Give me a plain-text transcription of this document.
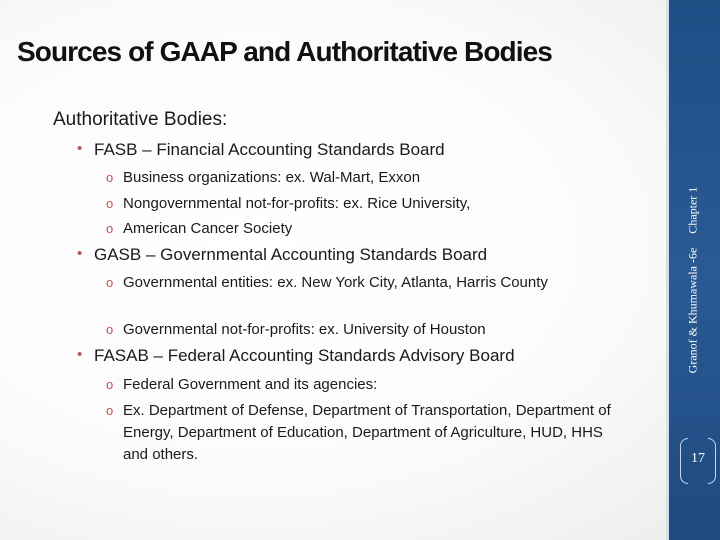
Sources of GAAP and Authoritative Bodies
Authoritative Bodies:
• FASB – Financial Accounting Standards Board
o Business organizations: ex. Wal-Mart, Exxon
o Nongovernmental not-for-profits: ex. Rice University,
o American Cancer Society
• GASB – Governmental Accounting Standards Board
o Governmental entities: ex. New York City, Atlanta, Harris County
o Governmental not-for-profits: ex. University of Houston
• FASAB – Federal Accounting Standards Advisory Board
o Federal Government and its agencies:
o Ex. Department of Defense, Department of Transportation, Department of Energy, Department of Education, Department of Agriculture, HUD, HHS and others.
Granof & Khumawala -6eChapter 1
17
